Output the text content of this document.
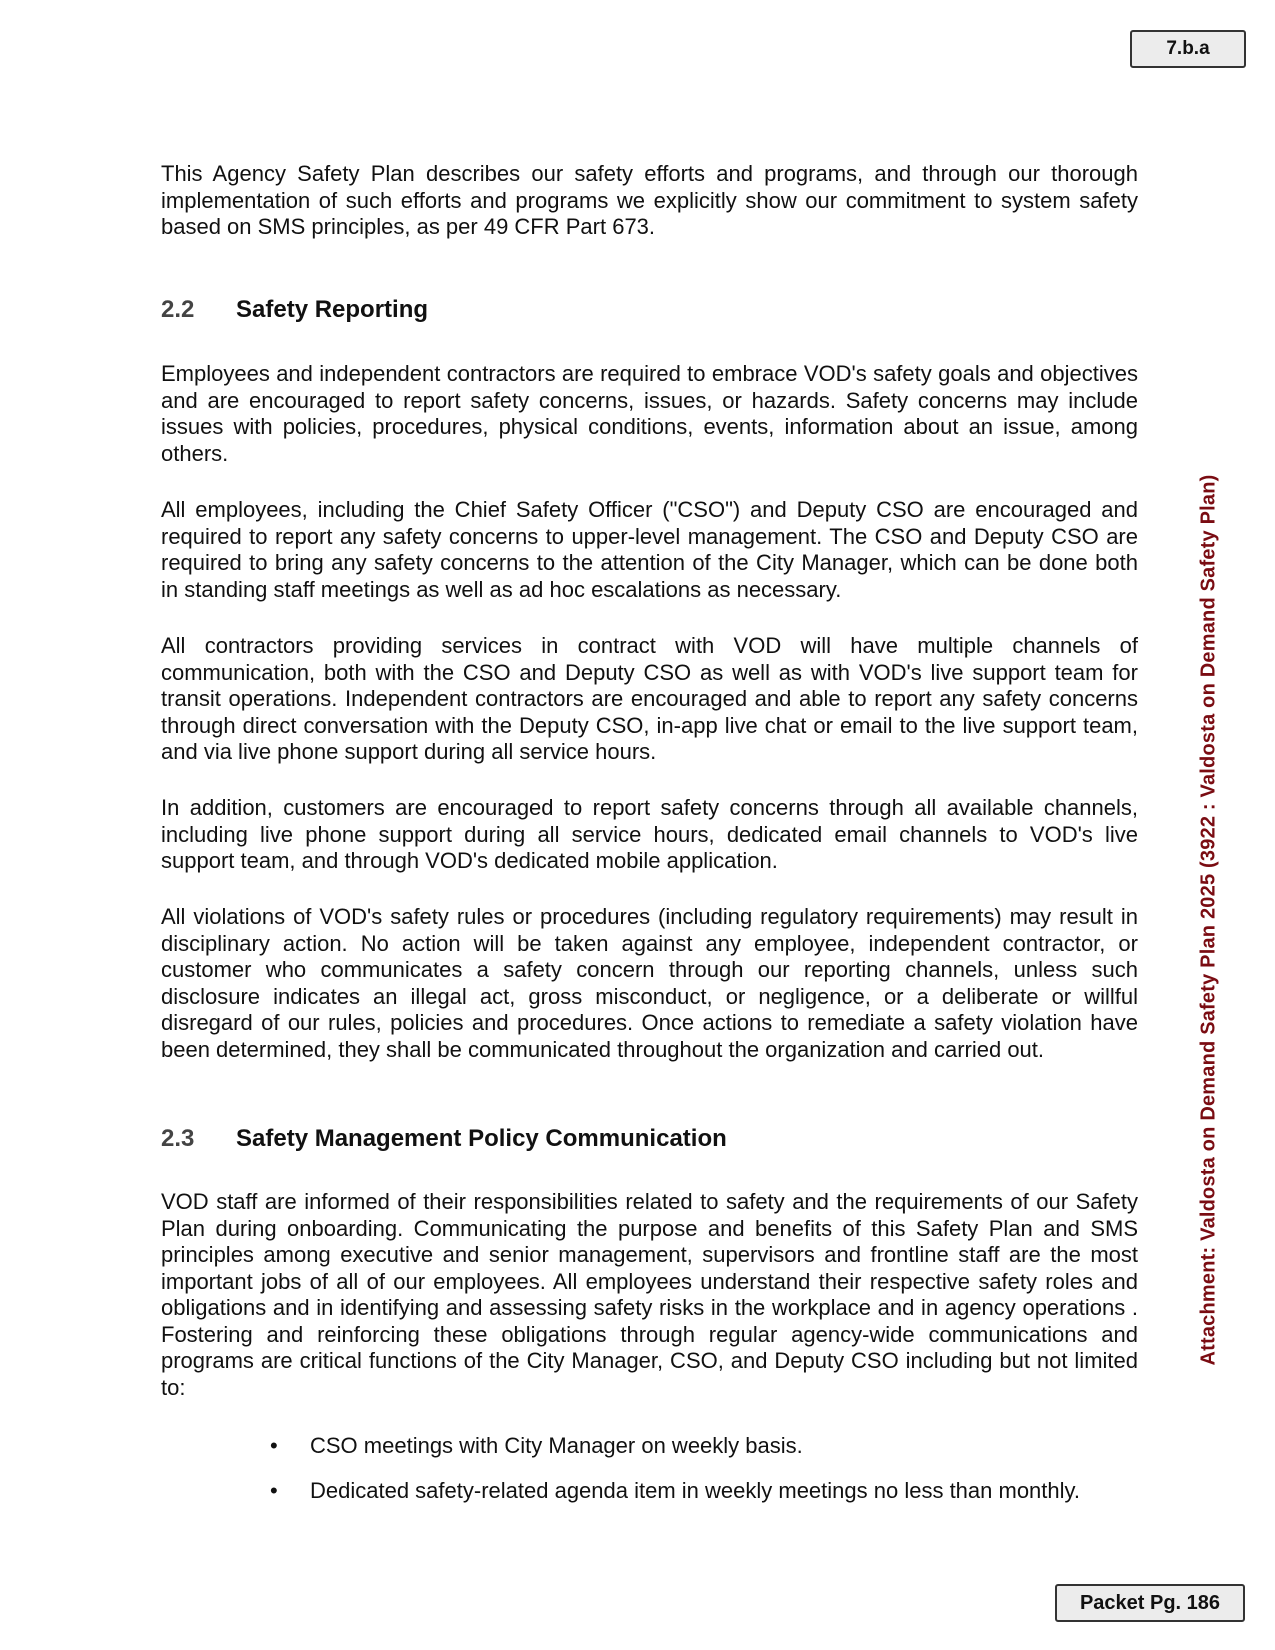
7.b.a
Attachment: Valdosta on Demand Safety Plan 2025 (3922 : Valdosta on Demand Safety Plan)

This Agency Safety Plan describes our safety efforts and programs, and through our thorough implementation of such efforts and programs we explicitly show our commitment to system safety based on SMS principles, as per 49 CFR Part 673.

2.2 Safety Reporting

Employees and independent contractors are required to embrace VOD's safety goals and objectives and are encouraged to report safety concerns, issues, or hazards. Safety concerns may include issues with policies, procedures, physical conditions, events, information about an issue, among others.

All employees, including the Chief Safety Officer ("CSO") and Deputy CSO are encouraged and required to report any safety concerns to upper-level management. The CSO and Deputy CSO are required to bring any safety concerns to the attention of the City Manager, which can be done both in standing staff meetings as well as ad hoc escalations as necessary.

All contractors providing services in contract with VOD will have multiple channels of communication, both with the CSO and Deputy CSO as well as with VOD's live support team for transit operations. Independent contractors are encouraged and able to report any safety concerns through direct conversation with the Deputy CSO, in-app live chat or email to the live support team, and via live phone support during all service hours.

In addition, customers are encouraged to report safety concerns through all available channels, including live phone support during all service hours, dedicated email channels to VOD's live support team, and through VOD's dedicated mobile application.

All violations of VOD's safety rules or procedures (including regulatory requirements) may result in disciplinary action. No action will be taken against any employee, independent contractor, or customer who communicates a safety concern through our reporting channels, unless such disclosure indicates an illegal act, gross misconduct, or negligence, or a deliberate or willful disregard of our rules, policies and procedures. Once actions to remediate a safety violation have been determined, they shall be communicated throughout the organization and carried out.

2.3 Safety Management Policy Communication

VOD staff are informed of their responsibilities related to safety and the requirements of our Safety Plan during onboarding. Communicating the purpose and benefits of this Safety Plan and SMS principles among executive and senior management, supervisors and frontline staff are the most important jobs of all of our employees. All employees understand their respective safety roles and obligations and in identifying and assessing safety risks in the workplace and in agency operations . Fostering and reinforcing these obligations through regular agency-wide communications and programs are critical functions of the City Manager, CSO, and Deputy CSO including but not limited to:

• CSO meetings with City Manager on weekly basis.
• Dedicated safety-related agenda item in weekly meetings no less than monthly.
Packet Pg. 186
